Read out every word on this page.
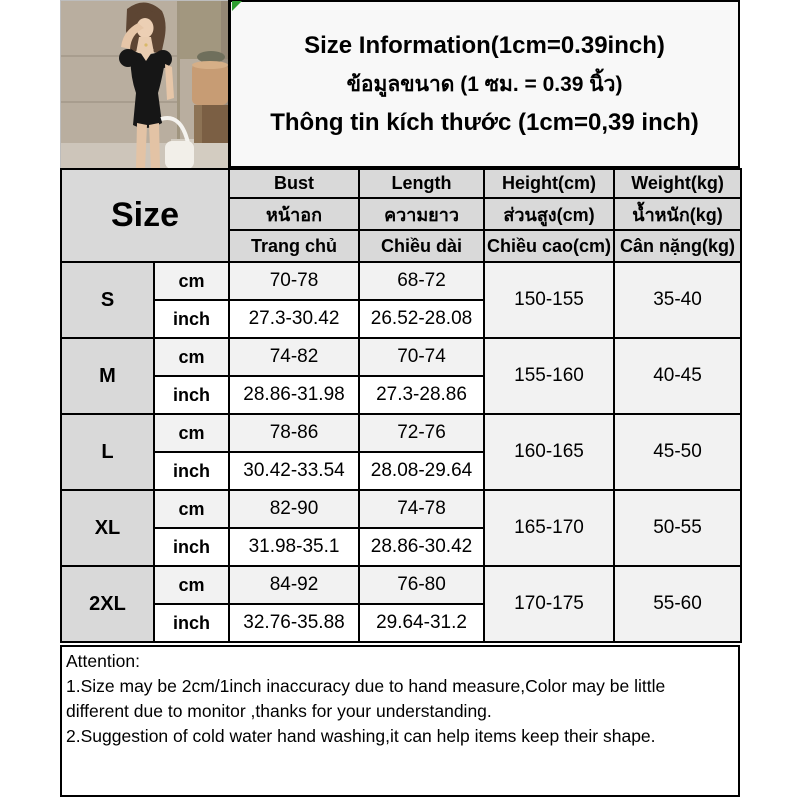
Size Information(1cm=0.39inch)
ข้อมูลขนาด (1 ซม. = 0.39 นิ้ว)
Thông tin kích thước (1cm=0,39 inch)
Size		Bust	Length	Height(cm)	Weight(kg)
		หน้าอก	ความยาว	ส่วนสูง(cm)	น้ำหนัก(kg)
		Trang chủ	Chiều dài	Chiều cao(cm)	Cân nặng(kg)
S	cm	70-78	68-72	150-155	35-40
	inch	27.3-30.42	26.52-28.08		
M	cm	74-82	70-74	155-160	40-45
	inch	28.86-31.98	27.3-28.86		
L	cm	78-86	72-76	160-165	45-50
	inch	30.42-33.54	28.08-29.64		
XL	cm	82-90	74-78	165-170	50-55
	inch	31.98-35.1	28.86-30.42		
2XL	cm	84-92	76-80	170-175	55-60
	inch	32.76-35.88	29.64-31.2		
Attention:
1.Size may be 2cm/1inch inaccuracy due to hand measure,Color may be little
different due to monitor ,thanks for your understanding.
2.Suggestion of cold water hand washing,it can help items keep their shape.
